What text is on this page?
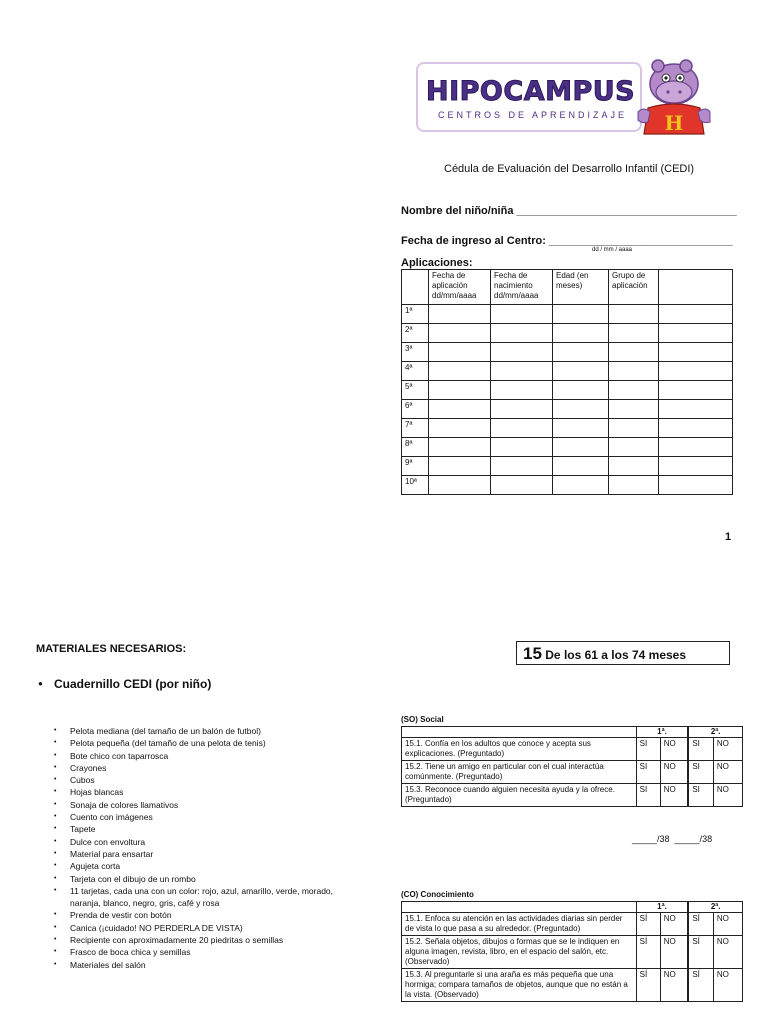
HIPOCAMPUS
CENTROS DE APRENDIZAJE H
Cédula de Evaluación del Desarrollo Infantil (CEDI)
Nombre del niño/niña ____________________________________
Fecha de ingreso al Centro: ______________________________
dd / mm / aaaa
Aplicaciones:
	Fecha de aplicación dd/mm/aaaa	Fecha de nacimiento dd/mm/aaaa	Edad (en meses)	Grupo de aplicación	
1ª					
2ª					
3ª					
4ª					
5ª					
6ª					
7ª					
8ª					
9ª					
10ª					
1
MATERIALES NECESARIOS:
● Cuadernillo CEDI (por niño)
• Pelota mediana (del tamaño de un balón de futbol)
• Pelota pequeña (del tamaño de una pelota de tenis)
• Bote chico con taparrosca
• Crayones
• Cubos
• Hojas blancas
• Sonaja de colores llamativos
• Cuento con imágenes
• Tapete
• Dulce con envoltura
• Material para ensartar
• Agujeta corta
• Tarjeta con el dibujo de un rombo
• 11 tarjetas, cada una con un color: rojo, azul, amarillo, verde, morado,
naranja, blanco, negro, gris, café y rosa
• Prenda de vestir con botón
• Canica (¡cuidado! NO PERDERLA DE VISTA)
• Recipiente con aproximadamente 20 piedritas o semillas
• Frasco de boca chica y semillas
• Materiales del salón
15 De los 61 a los 74 meses
(SO) Social
	1ª.		2ª.	
15.1. Confía en los adultos que conoce y acepta sus explicaciones. (Preguntado)	SI	NO	SI	NO
15.2. Tiene un amigo en particular con el cual interactúa comúnmente. (Preguntado)	SI	NO	SI	NO
15.3. Reconoce cuando alguien necesita ayuda y la ofrece. (Preguntado)	SI	NO	SI	NO
_____/38  _____/38
(CO) Conocimiento
	1ª.		2ª.	
15.1. Enfoca su atención en las actividades diarias sin perder de vista lo que pasa a su alrededor. (Preguntado)	SÍ	NO	SÍ	NO
15.2. Señala objetos, dibujos o formas que se le indiquen en alguna imagen, revista, libro, en el espacio del salón, etc. (Observado)	SÍ	NO	SÍ	NO
15.3. Al preguntarle si una araña es más pequeña que una hormiga; compara tamaños de objetos, aunque que no están a la vista. (Observado)	SÍ	NO	SÍ	NO
